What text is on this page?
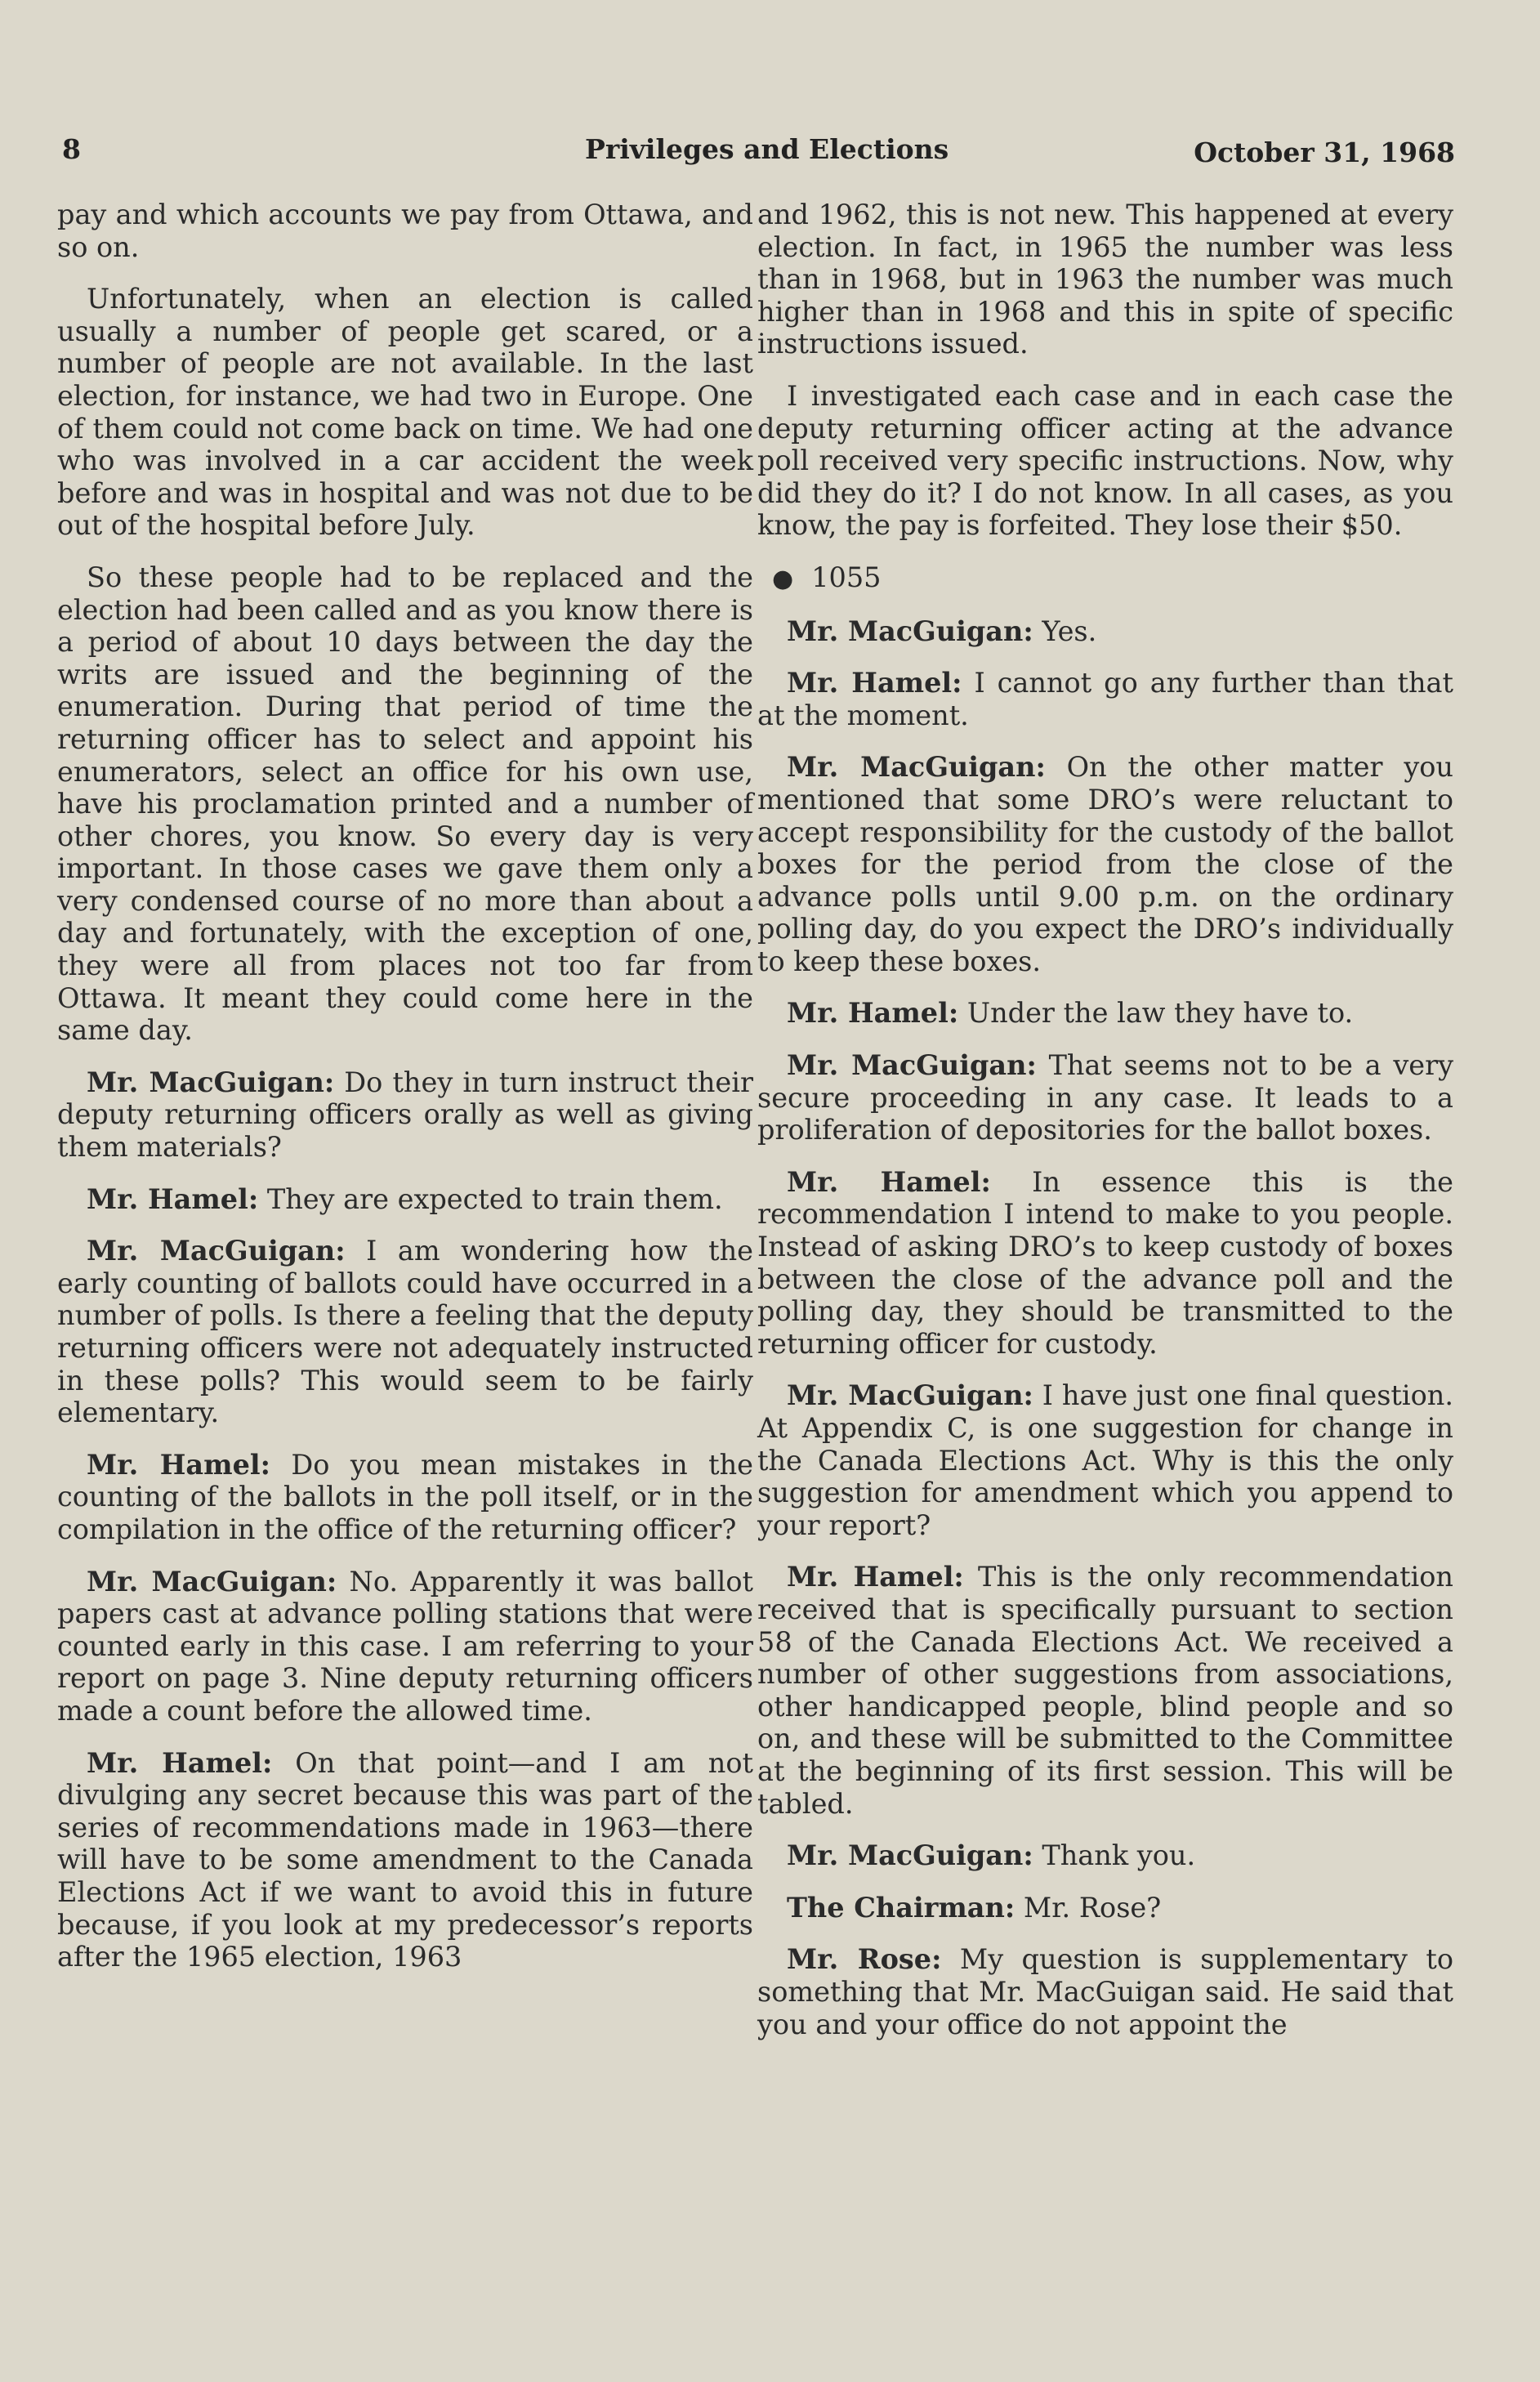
8	Privileges and Elections	October 31, 1968

pay and which accounts we pay from Ottawa, and so on.

Unfortunately, when an election is called usually a number of people get scared, or a number of people are not available. In the last election, for instance, we had two in Europe. One of them could not come back on time. We had one who was involved in a car accident the week before and was in hospital and was not due to be out of the hospital before July.

So these people had to be replaced and the election had been called and as you know there is a period of about 10 days between the day the writs are issued and the beginning of the enumeration. During that period of time the returning officer has to select and appoint his enumerators, select an office for his own use, have his proclamation printed and a number of other chores, you know. So every day is very important. In those cases we gave them only a very condensed course of no more than about a day and fortunately, with the exception of one, they were all from places not too far from Ottawa. It meant they could come here in the same day.

Mr. MacGuigan: Do they in turn instruct their deputy returning officers orally as well as giving them materials?

Mr. Hamel: They are expected to train them.

Mr. MacGuigan: I am wondering how the early counting of ballots could have occurred in a number of polls. Is there a feeling that the deputy returning officers were not adequately instructed in these polls? This would seem to be fairly elementary.

Mr. Hamel: Do you mean mistakes in the counting of the ballots in the poll itself, or in the compilation in the office of the returning officer?

Mr. MacGuigan: No. Apparently it was ballot papers cast at advance polling stations that were counted early in this case. I am referring to your report on page 3. Nine deputy returning officers made a count before the allowed time.

Mr. Hamel: On that point—and I am not divulging any secret because this was part of the series of recommendations made in 1963—there will have to be some amendment to the Canada Elections Act if we want to avoid this in future because, if you look at my predecessor’s reports after the 1965 election, 1963

and 1962, this is not new. This happened at every election. In fact, in 1965 the number was less than in 1968, but in 1963 the number was much higher than in 1968 and this in spite of specific instructions issued.

I investigated each case and in each case the deputy returning officer acting at the advance poll received very specific instructions. Now, why did they do it? I do not know. In all cases, as you know, the pay is forfeited. They lose their $50.

● 1055

Mr. MacGuigan: Yes.

Mr. Hamel: I cannot go any further than that at the moment.

Mr. MacGuigan: On the other matter you mentioned that some DRO’s were reluctant to accept responsibility for the custody of the ballot boxes for the period from the close of the advance polls until 9.00 p.m. on the ordinary polling day, do you expect the DRO’s individually to keep these boxes.

Mr. Hamel: Under the law they have to.

Mr. MacGuigan: That seems not to be a very secure proceeding in any case. It leads to a proliferation of depositories for the ballot boxes.

Mr. Hamel: In essence this is the recommendation I intend to make to you people. Instead of asking DRO’s to keep custody of boxes between the close of the advance poll and the polling day, they should be transmitted to the returning officer for custody.

Mr. MacGuigan: I have just one final question. At Appendix C, is one suggestion for change in the Canada Elections Act. Why is this the only suggestion for amendment which you append to your report?

Mr. Hamel: This is the only recommendation received that is specifically pursuant to section 58 of the Canada Elections Act. We received a number of other suggestions from associations, other handicapped people, blind people and so on, and these will be submitted to the Committee at the beginning of its first session. This will be tabled.

Mr. MacGuigan: Thank you.

The Chairman: Mr. Rose?

Mr. Rose: My question is supplementary to something that Mr. MacGuigan said. He said that you and your office do not appoint the
